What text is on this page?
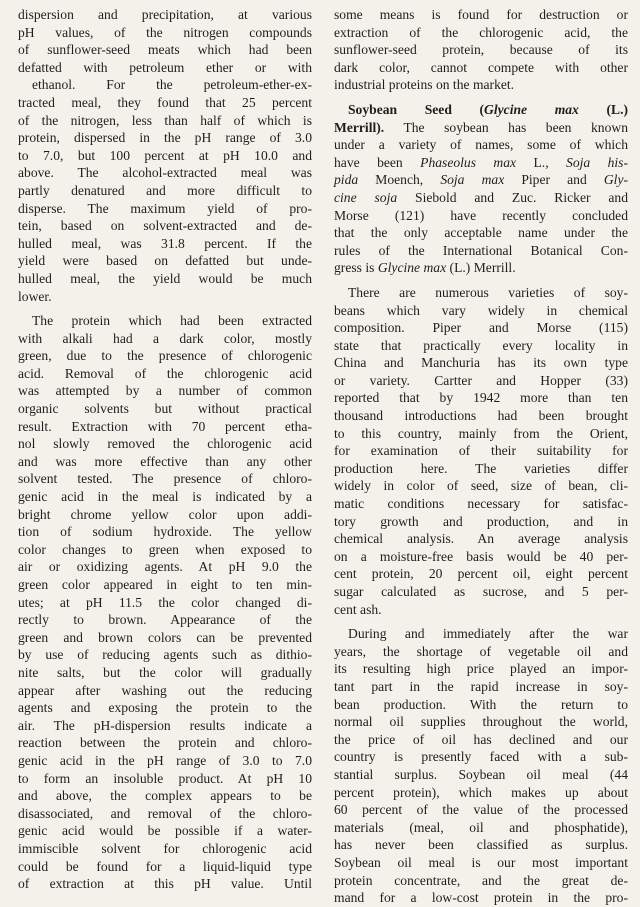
dispersion and precipitation, at various
pH values, of the nitrogen compounds
of sunflower-seed meats which had been
defatted with petroleum ether or with
ethanol. For the petroleum-ether-ex-
tracted meal, they found that 25 percent
of the nitrogen, less than half of which is
protein, dispersed in the pH range of 3.0
to 7.0, but 100 percent at pH 10.0 and
above. The alcohol-extracted meal was
partly denatured and more difficult to
disperse. The maximum yield of pro-
tein, based on solvent-extracted and de-
hulled meal, was 31.8 percent. If the
yield were based on defatted but unde-
hulled meal, the yield would be much
lower.
The protein which had been extracted
with alkali had a dark color, mostly
green, due to the presence of chlorogenic
acid. Removal of the chlorogenic acid
was attempted by a number of common
organic solvents but without practical
result. Extraction with 70 percent etha-
nol slowly removed the chlorogenic acid
and was more effective than any other
solvent tested. The presence of chloro-
genic acid in the meal is indicated by a
bright chrome yellow color upon addi-
tion of sodium hydroxide. The yellow
color changes to green when exposed to
air or oxidizing agents. At pH 9.0 the
green color appeared in eight to ten min-
utes; at pH 11.5 the color changed di-
rectly to brown. Appearance of the
green and brown colors can be prevented
by use of reducing agents such as dithio-
nite salts, but the color will gradually
appear after washing out the reducing
agents and exposing the protein to the
air. The pH-dispersion results indicate a
reaction between the protein and chloro-
genic acid in the pH range of 3.0 to 7.0
to form an insoluble product. At pH 10
and above, the complex appears to be
disassociated, and removal of the chloro-
genic acid would be possible if a water-
immiscible solvent for chlorogenic acid
could be found for a liquid-liquid type
of extraction at this pH value. Until
some means is found for destruction or
extraction of the chlorogenic acid, the
sunflower-seed protein, because of its
dark color, cannot compete with other
industrial proteins on the market.
Soybean Seed (Glycine max (L.)
Merrill). The soybean has been known
under a variety of names, some of which
have been Phaseolus max L., Soja his-
pida Moench, Soja max Piper and Gly-
cine soja Siebold and Zuc. Ricker and
Morse (121) have recently concluded
that the only acceptable name under the
rules of the International Botanical Con-
gress is Glycine max (L.) Merrill.
There are numerous varieties of soy-
beans which vary widely in chemical
composition. Piper and Morse (115)
state that practically every locality in
China and Manchuria has its own type
or variety. Cartter and Hopper (33)
reported that by 1942 more than ten
thousand introductions had been brought
to this country, mainly from the Orient,
for examination of their suitability for
production here. The varieties differ
widely in color of seed, size of bean, cli-
matic conditions necessary for satisfac-
tory growth and production, and in
chemical analysis. An average analysis
on a moisture-free basis would be 40 per-
cent protein, 20 percent oil, eight percent
sugar calculated as sucrose, and 5 per-
cent ash.
During and immediately after the war
years, the shortage of vegetable oil and
its resulting high price played an impor-
tant part in the rapid increase in soy-
bean production. With the return to
normal oil supplies throughout the world,
the price of oil has declined and our
country is presently faced with a sub-
stantial surplus. Soybean oil meal (44
percent protein), which makes up about
60 percent of the value of the processed
materials (meal, oil and phosphatide),
has never been classified as surplus.
Soybean oil meal is our most important
protein concentrate, and the great de-
mand for a low-cost protein in the pro-
